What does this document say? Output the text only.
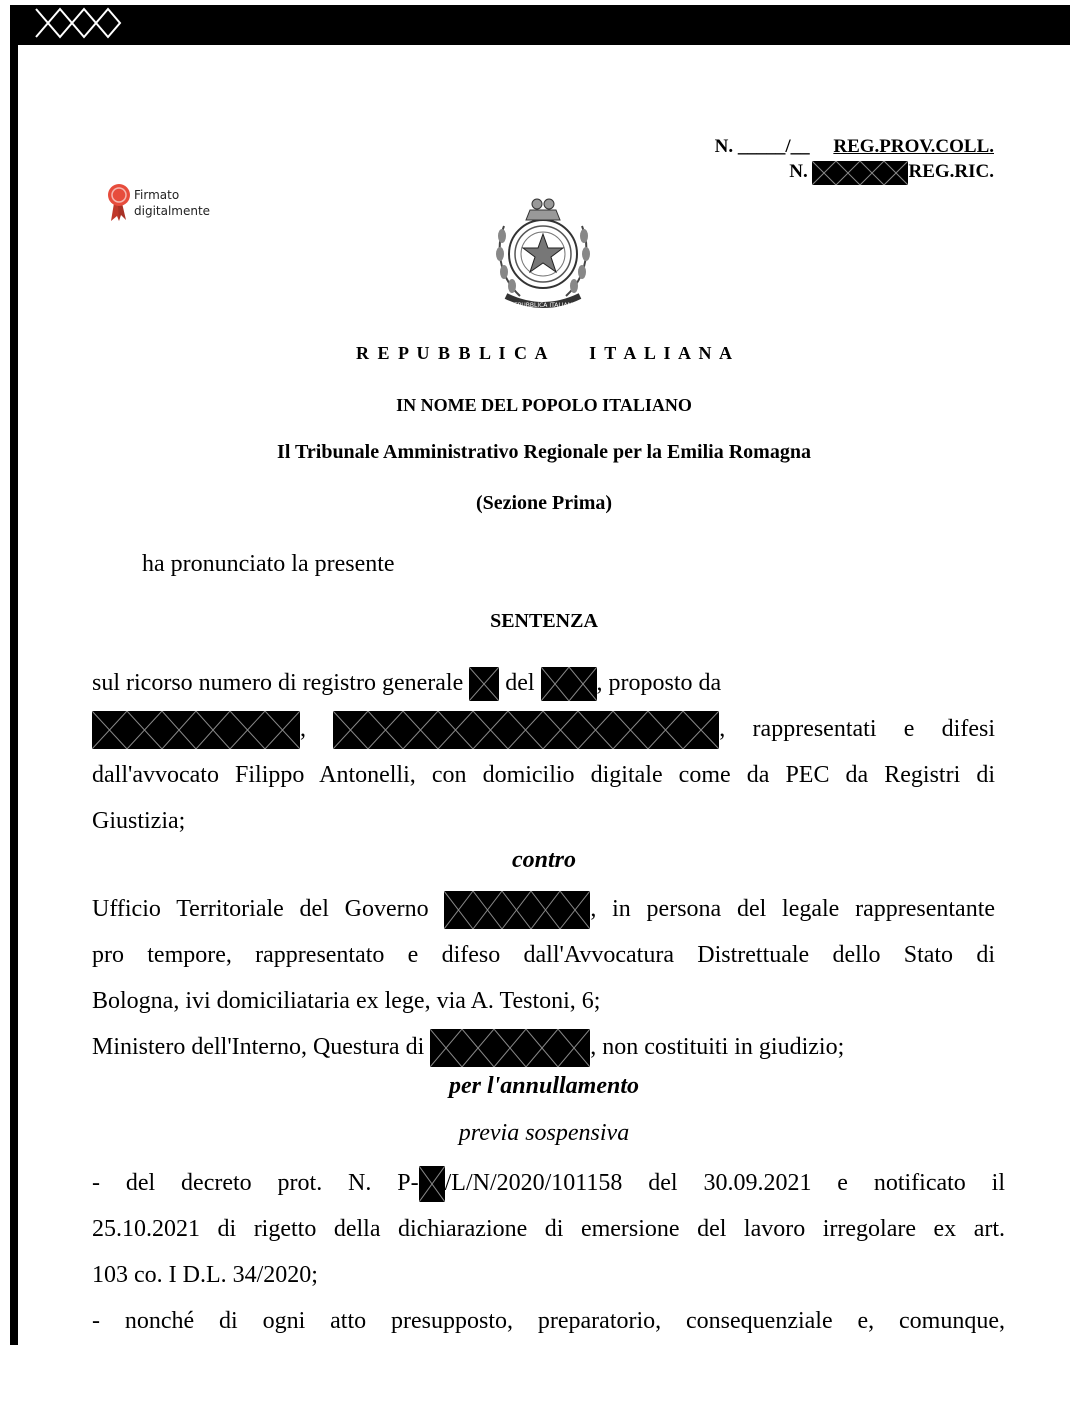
N. _____/__ REG.PROV.COLL.
N.	REG.RIC.
Firmato
digitalmente
REPUBBLICA ITALIANA
R E P U B B L I C A     I T A L I A N A
IN NOME DEL POPOLO ITALIANO
Il Tribunale Amministrativo Regionale per la Emilia Romagna
(Sezione Prima)
ha pronunciato la presente
SENTENZA
sul ricorso numero di registro generale del	, proposto da
,	, rappresentati e difesi
dall'avvocato Filippo Antonelli, con domicilio digitale come da PEC da Registri di
Giustizia;
contro
Ufficio Territoriale del Governo	, in persona del legale rappresentante
pro tempore, rappresentato e difeso dall'Avvocatura Distrettuale dello Stato di
Bologna, ivi domiciliataria ex lege, via A. Testoni, 6;
Ministero dell'Interno, Questura di	, non costituiti in giudizio;
per l'annullamento
previa sospensiva
- del decreto prot. N. P- /L/N/2020/101158 del 30.09.2021 e notificato il
25.10.2021 di rigetto della dichiarazione di emersione del lavoro irregolare ex art.
103 co. I D.L. 34/2020;
- nonché di ogni atto presupposto, preparatorio, consequenziale e, comunque,
